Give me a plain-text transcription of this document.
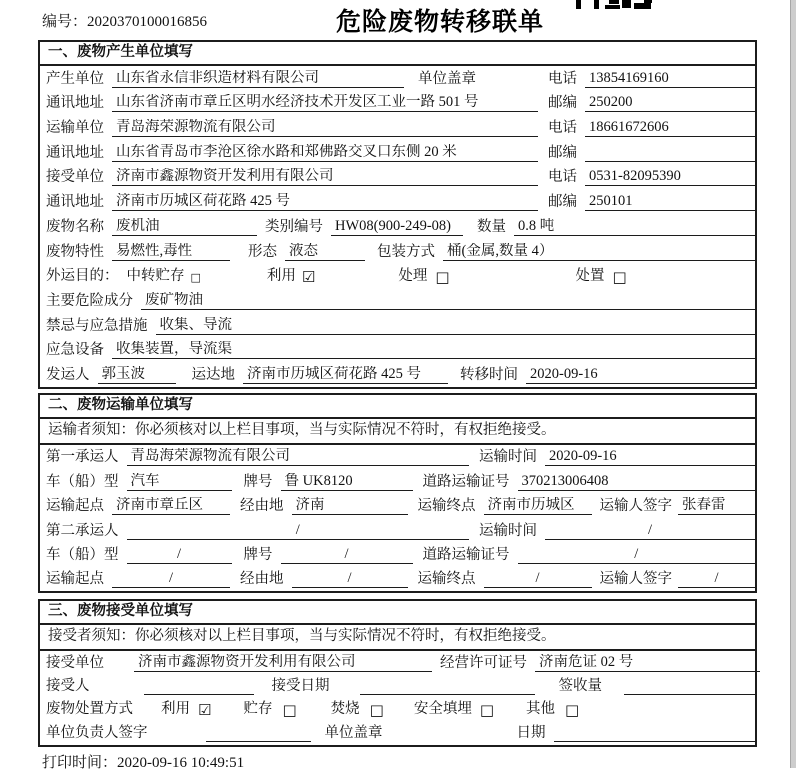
编号：2020370100016856	危险废物转移联单
一、废物产生单位填写
产生单位 山东省永信非织造材料有限公司	单位盖章	电话 13854169160
通讯地址 山东省济南市章丘区明水经济技术开发区工业一路 501 号	邮编 250200
运输单位 青岛海荣源物流有限公司	电话 18661672606
通讯地址 山东省青岛市李沧区徐水路和郑佛路交叉口东侧 20 米	邮编
接受单位 济南市鑫源物资开发利用有限公司	电话 0531-82095390
通讯地址 济南市历城区荷花路 425 号	邮编 250101
废物名称 废机油	类别编号 HW08(900-249-08)	数量 0.8 吨
废物特性 易燃性,毒性	形态 液态	包装方式 桶(金属,数量 4）
外运目的： 中转贮存 □	利用 ☑	处理 □	处置 □
主要危险成分 废矿物油
禁忌与应急措施 收集、导流
应急设备 收集装置，导流渠
发运人 郭玉波	运达地 济南市历城区荷花路 425 号	转移时间 2020-09-16
二、废物运输单位填写
运输者须知：你必须核对以上栏目事项，当与实际情况不符时，有权拒绝接受。
第一承运人 青岛海荣源物流有限公司	运输时间 2020-09-16
车（船）型 汽车	牌号 鲁 UK8120	道路运输证号 370213006408
运输起点 济南市章丘区	经由地 济南	运输终点 济南市历城区	运输人签字 张春雷
第二承运人	/	运输时间	/
车（船）型	/	牌号	/	道路运输证号	/
运输起点	/	经由地	/	运输终点	/	运输人签字	/
三、废物接受单位填写
接受者须知：你必须核对以上栏目事项，当与实际情况不符时，有权拒绝接受。
接受单位 济南市鑫源物资开发利用有限公司	经营许可证号 济南危证 02 号
接受人	接受日期	签收量
废物处置方式 利用 ☑ 贮存 □ 焚烧 □ 安全填埋 □ 其他 □
单位负责人签字	单位盖章	日期
打印时间：2020-09-16 10:49:51
